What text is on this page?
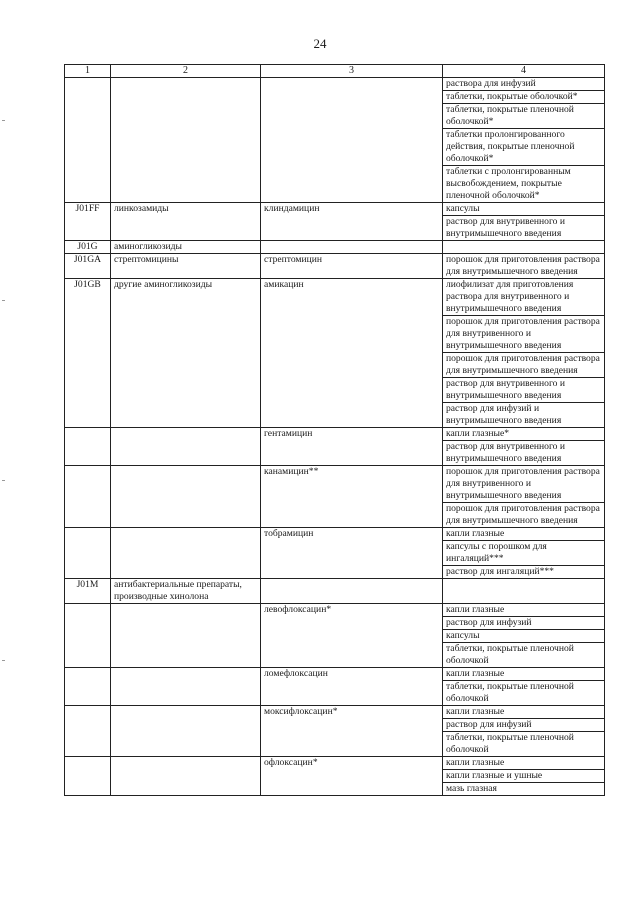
24
1	2	3	4
			раствора для инфузий
			таблетки, покрытые оболочкой*
			таблетки, покрытые пленочной оболочкой*
			таблетки пролонгированного действия, покрытые пленочной оболочкой*
			таблетки с пролонгированным высвобождением, покрытые пленочной оболочкой*
J01FF	линкозамиды	клиндамицин	капсулы
			раствор для внутривенного и внутримышечного введения
J01G	аминогликозиды		
J01GA	стрептомицины	стрептомицин	порошок для приготовления раствора для внутримышечного введения
J01GB	другие аминогликозиды	амикацин	лиофилизат для приготовления раствора для внутривенного и внутримышечного введения
			порошок для приготовления раствора для внутривенного и внутримышечного введения
			порошок для приготовления раствора для внутримышечного введения
			раствор для внутривенного и внутримышечного введения
			раствор для инфузий и внутримышечного введения
		гентамицин	капли глазные*
			раствор для внутривенного и внутримышечного введения
		канамицин**	порошок для приготовления раствора для внутривенного и внутримышечного введения
			порошок для приготовления раствора для внутримышечного введения
		тобрамицин	капли глазные
			капсулы с порошком для ингаляций***
			раствор для ингаляций***
J01M	антибактериальные препараты, производные хинолона		
		левофлоксацин*	капли глазные
			раствор для инфузий
			капсулы
			таблетки, покрытые пленочной оболочкой
		ломефлоксацин	капли глазные
			таблетки, покрытые пленочной оболочкой
		моксифлоксацин*	капли глазные
			раствор для инфузий
			таблетки, покрытые пленочной оболочкой
		офлоксацин*	капли глазные
			капли глазные и ушные
			мазь глазная
